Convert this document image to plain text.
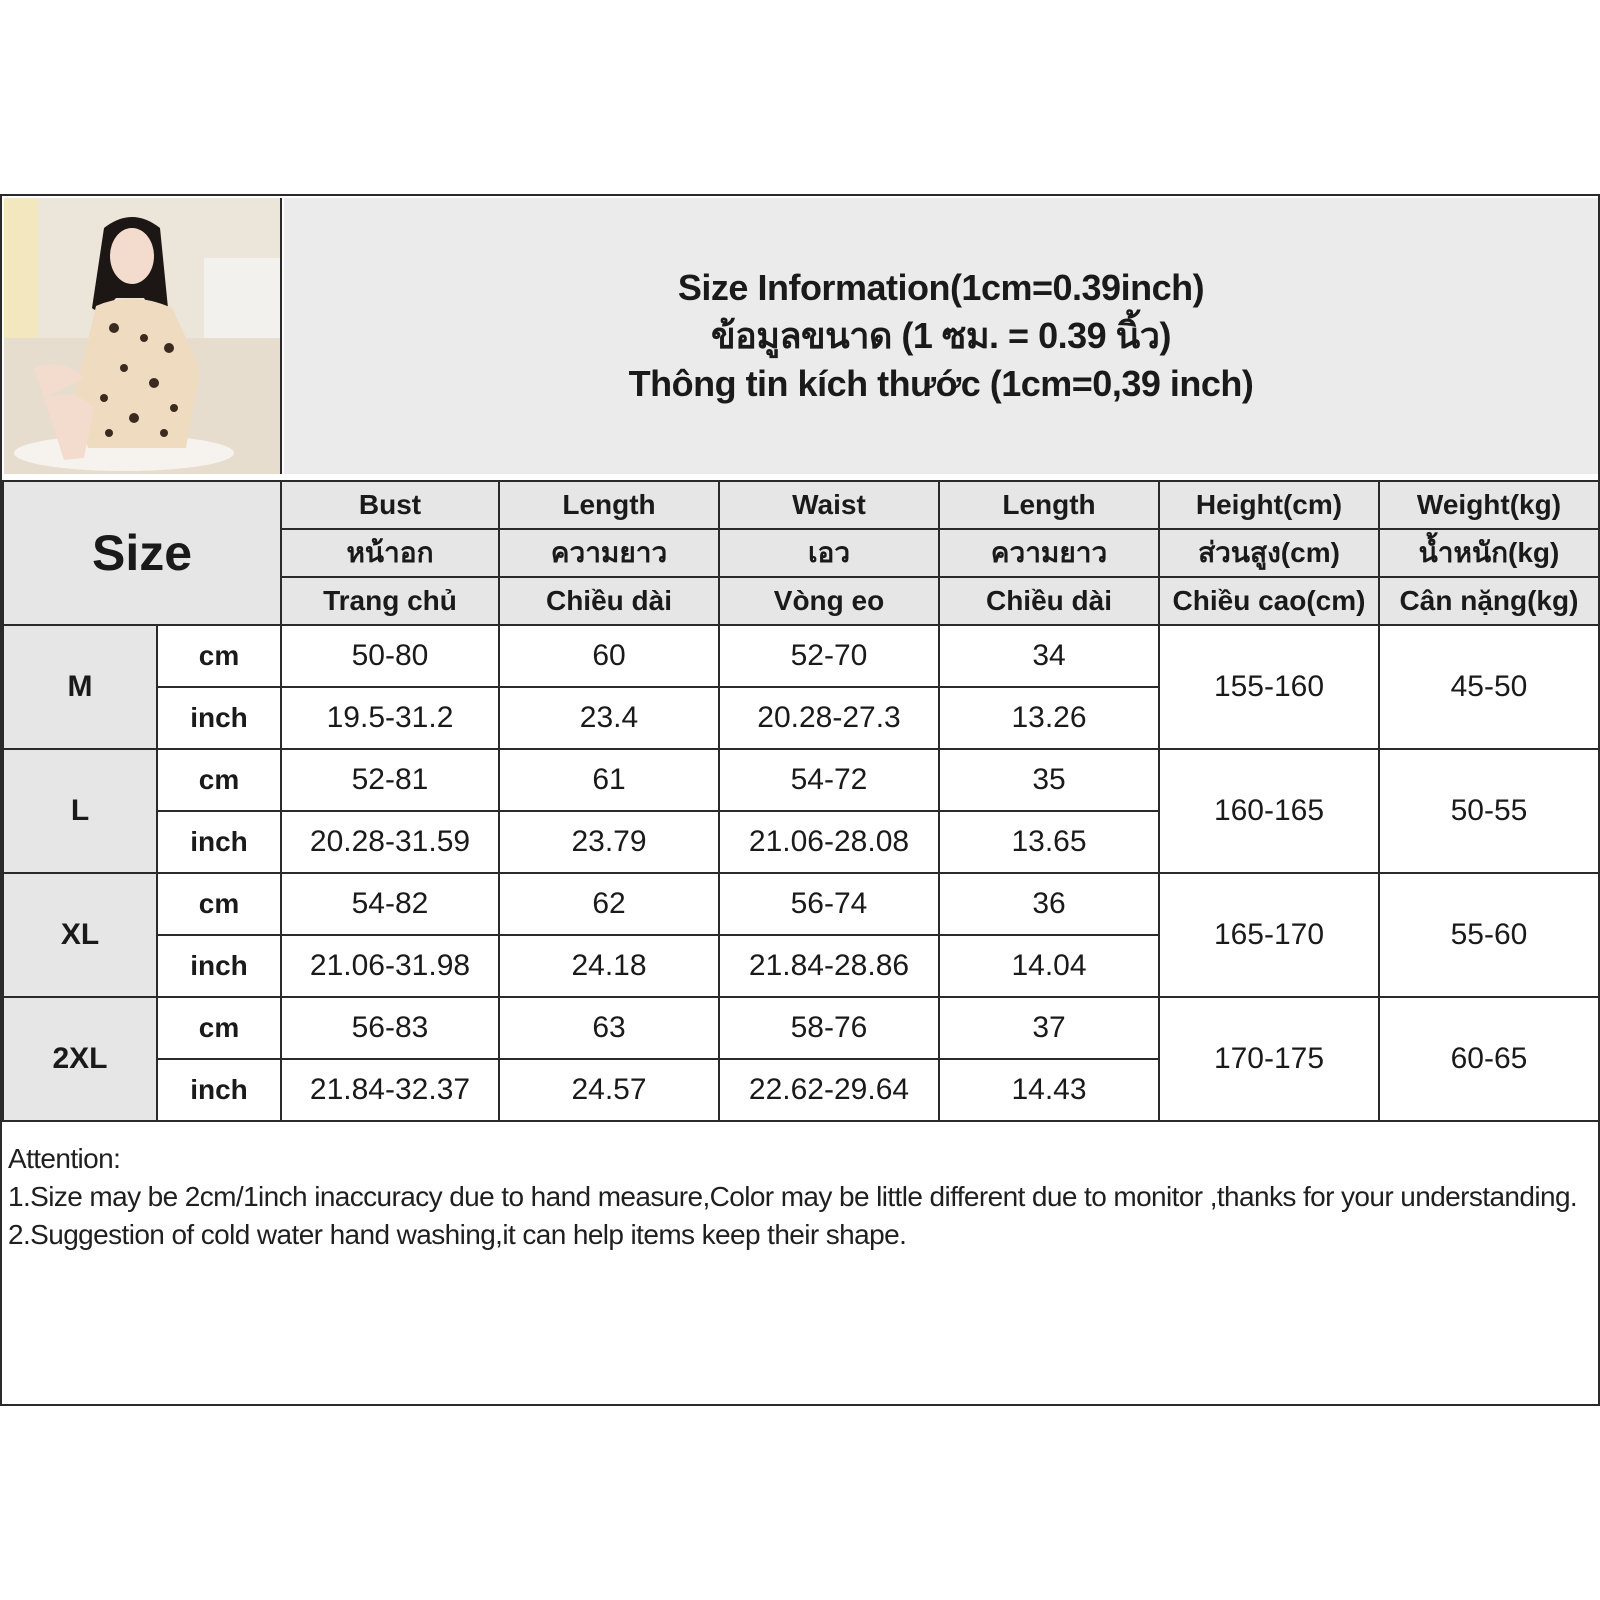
Size Information(1cm=0.39inch)
ข้อมูลขนาด (1 ซม. = 0.39 นิ้ว)
Thông tin kích thước (1cm=0,39 inch)
Size		Bust	Length	Waist	Length	Height(cm)	Weight(kg)
		หน้าอก	ความยาว	เอว	ความยาว	ส่วนสูง(cm)	น้ำหนัก(kg)
		Trang chủ	Chiều dài	Vòng eo	Chiều dài	Chiều cao(cm)	Cân nặng(kg)
M	cm	50-80	60	52-70	34	155-160	45-50
	inch	19.5-31.2	23.4	20.28-27.3	13.26		
L	cm	52-81	61	54-72	35	160-165	50-55
	inch	20.28-31.59	23.79	21.06-28.08	13.65		
XL	cm	54-82	62	56-74	36	165-170	55-60
	inch	21.06-31.98	24.18	21.84-28.86	14.04		
2XL	cm	56-83	63	58-76	37	170-175	60-65
	inch	21.84-32.37	24.57	22.62-29.64	14.43		
Attention:
1.Size may be 2cm/1inch inaccuracy due to hand measure,Color may be little different due to monitor ,thanks for your understanding.
2.Suggestion of cold water hand washing,it can help items keep their shape.
